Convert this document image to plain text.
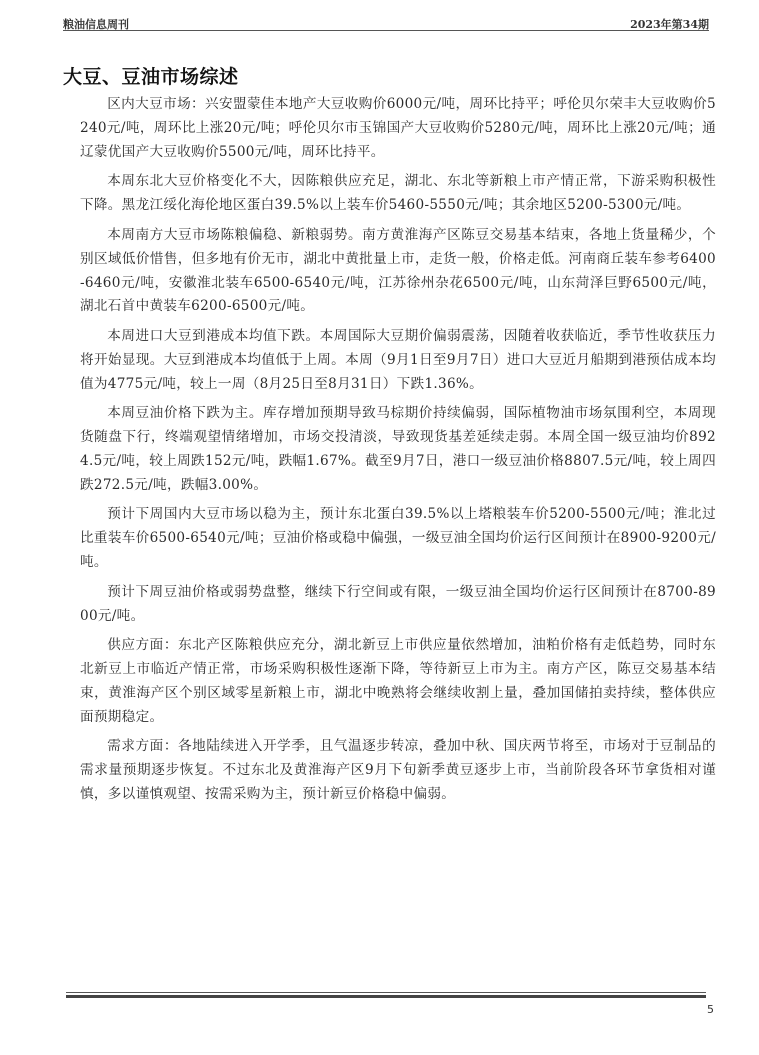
粮油信息周刊	2023年第34期
大豆、豆油市场综述

区内大豆市场：兴安盟蒙佳本地产大豆收购价6000元/吨，周环比持平；呼伦贝尔荣丰大豆收购价5240元/吨，周环比上涨20元/吨；呼伦贝尔市玉锦国产大豆收购价5280元/吨，周环比上涨20元/吨；通辽蒙优国产大豆收购价5500元/吨，周环比持平。

本周东北大豆价格变化不大，因陈粮供应充足，湖北、东北等新粮上市产情正常，下游采购积极性下降。黑龙江绥化海伦地区蛋白39.5%以上装车价5460-5550元/吨；其余地区5200-5300元/吨。

本周南方大豆市场陈粮偏稳、新粮弱势。南方黄淮海产区陈豆交易基本结束，各地上货量稀少，个别区域低价惜售，但多地有价无市，湖北中黄批量上市，走货一般，价格走低。河南商丘装车参考6400-6460元/吨，安徽淮北装车6500-6540元/吨，江苏徐州杂花6500元/吨，山东菏泽巨野6500元/吨，湖北石首中黄装车6200-6500元/吨。

本周进口大豆到港成本均值下跌。本周国际大豆期价偏弱震荡，因随着收获临近，季节性收获压力将开始显现。大豆到港成本均值低于上周。本周（9月1日至9月7日）进口大豆近月船期到港预估成本均值为4775元/吨，较上一周（8月25日至8月31日）下跌1.36%。

本周豆油价格下跌为主。库存增加预期导致马棕期价持续偏弱，国际植物油市场氛围利空，本周现货随盘下行，终端观望情绪增加，市场交投清淡，导致现货基差延续走弱。本周全国一级豆油均价8924.5元/吨，较上周跌152元/吨，跌幅1.67%。截至9月7日，港口一级豆油价格8807.5元/吨，较上周四跌272.5元/吨，跌幅3.00%。

预计下周国内大豆市场以稳为主，预计东北蛋白39.5%以上塔粮装车价5200-5500元/吨；淮北过比重装车价6500-6540元/吨；豆油价格或稳中偏强，一级豆油全国均价运行区间预计在8900-9200元/吨。

预计下周豆油价格或弱势盘整，继续下行空间或有限，一级豆油全国均价运行区间预计在8700-8900元/吨。

供应方面：东北产区陈粮供应充分，湖北新豆上市供应量依然增加，油粕价格有走低趋势，同时东北新豆上市临近产情正常，市场采购积极性逐渐下降，等待新豆上市为主。南方产区，陈豆交易基本结束，黄淮海产区个别区域零星新粮上市，湖北中晚熟将会继续收割上量，叠加国储拍卖持续，整体供应面预期稳定。

需求方面：各地陆续进入开学季，且气温逐步转凉，叠加中秋、国庆两节将至，市场对于豆制品的需求量预期逐步恢复。不过东北及黄淮海产区9月下旬新季黄豆逐步上市，当前阶段各环节拿货相对谨慎，多以谨慎观望、按需采购为主，预计新豆价格稳中偏弱。

5
